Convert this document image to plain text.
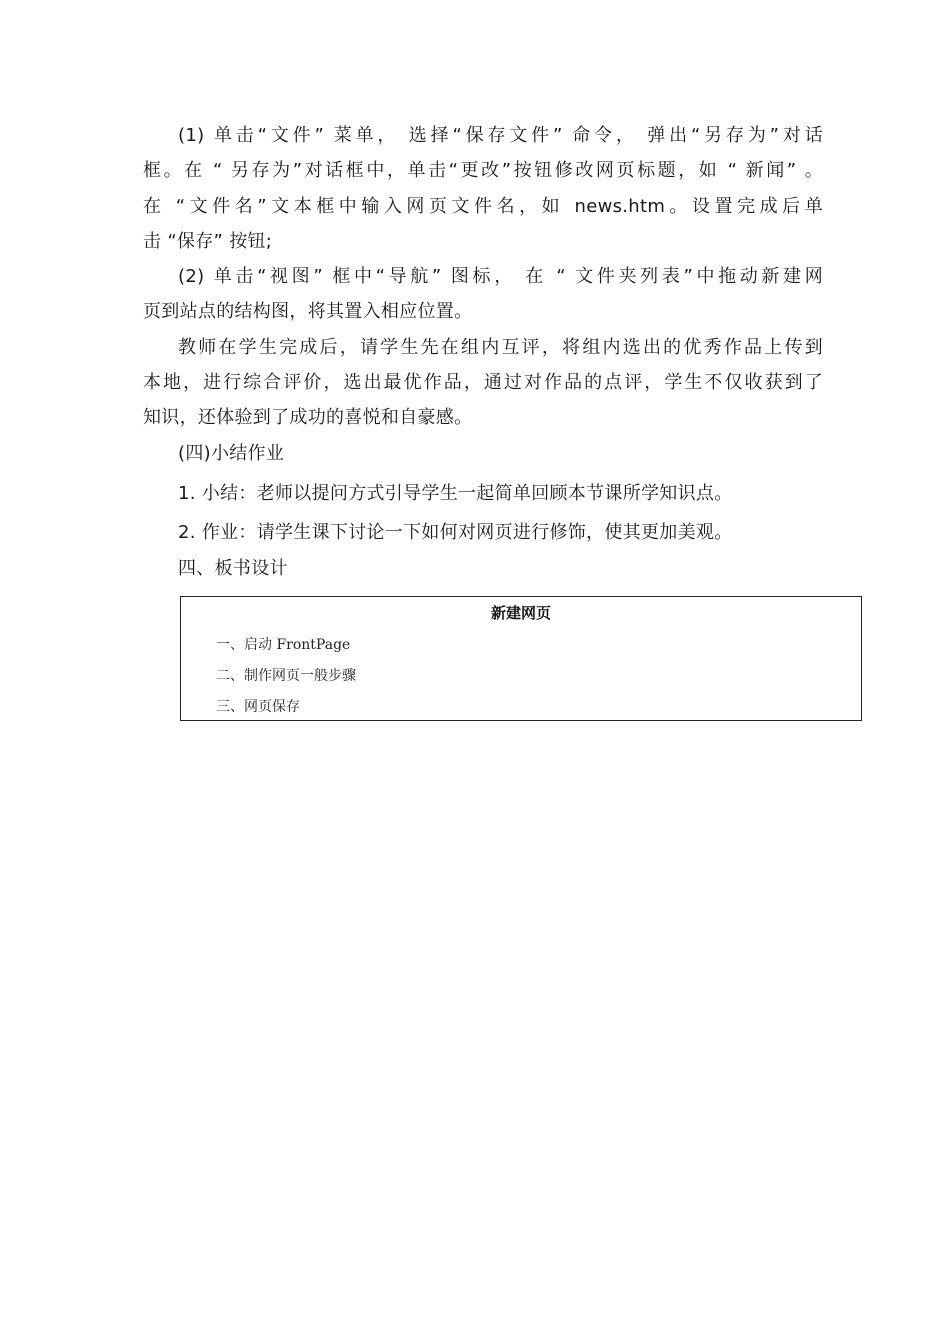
(1) 单击“文件” 菜单， 选择“保存文件” 命令， 弹出“另存为”对话
框。在 “ 另存为”对话框中，单击“更改”按钮修改网页标题，如 “ 新闻” 。
在 “文件名”文本框中输入网页文件名，如 news.htm。设置完成后单
击 “保存” 按钮;
(2) 单击“视图” 框中“导航” 图标， 在 “ 文件夹列表”中拖动新建网
页到站点的结构图，将其置入相应位置。
教师在学生完成后，请学生先在组内互评，将组内选出的优秀作品上传到
本地，进行综合评价，选出最优作品，通过对作品的点评，学生不仅收获到了
知识，还体验到了成功的喜悦和自豪感。
(四)小结作业
1. 小结：老师以提问方式引导学生一起简单回顾本节课所学知识点。
2. 作业：请学生课下讨论一下如何对网页进行修饰，使其更加美观。
四、板书设计
新建网页
一、启动 FrontPage
二、制作网页一般步骤
三、网页保存
